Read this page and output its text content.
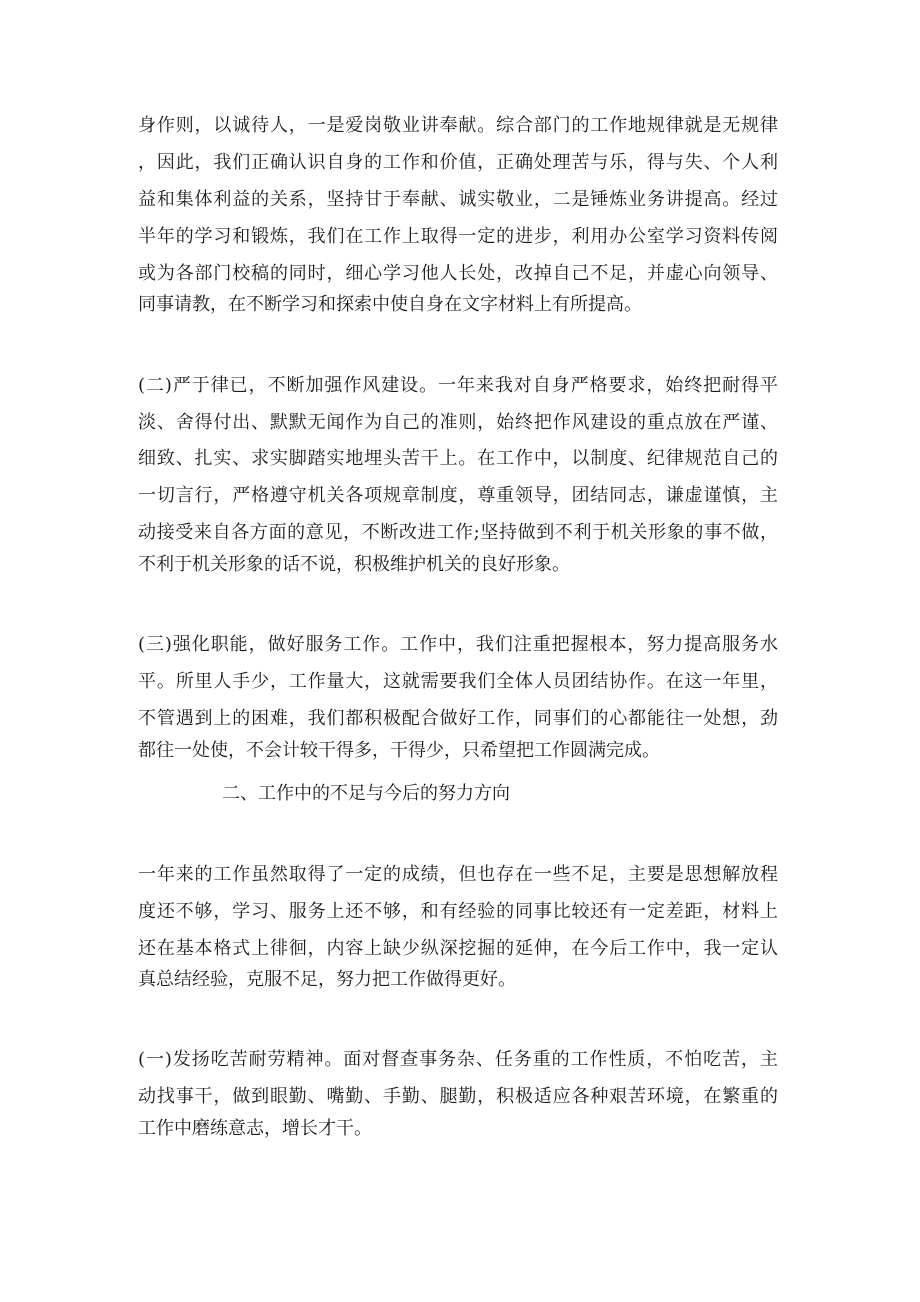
身作则，以诚待人，一是爱岗敬业讲奉献。综合部门的工作地规律就是无规律
，因此，我们正确认识自身的工作和价值，正确处理苦与乐，得与失、个人利
益和集体利益的关系，坚持甘于奉献、诚实敬业，二是锤炼业务讲提高。经过
半年的学习和锻炼，我们在工作上取得一定的进步，利用办公室学习资料传阅
或为各部门校稿的同时，细心学习他人长处，改掉自己不足，并虚心向领导、
同事请教，在不断学习和探索中使自身在文字材料上有所提高。
(二)严于律已，不断加强作风建设。一年来我对自身严格要求，始终把耐得平
淡、舍得付出、默默无闻作为自己的准则，始终把作风建设的重点放在严谨、
细致、扎实、求实脚踏实地埋头苦干上。在工作中，以制度、纪律规范自己的
一切言行，严格遵守机关各项规章制度，尊重领导，团结同志，谦虚谨慎，主
动接受来自各方面的意见，不断改进工作;坚持做到不利于机关形象的事不做，
不利于机关形象的话不说，积极维护机关的良好形象。
(三)强化职能，做好服务工作。工作中，我们注重把握根本，努力提高服务水
平。所里人手少，工作量大，这就需要我们全体人员团结协作。在这一年里，
不管遇到上的困难，我们都积极配合做好工作，同事们的心都能往一处想，劲
都往一处使，不会计较干得多，干得少，只希望把工作圆满完成。
二、工作中的不足与今后的努力方向
一年来的工作虽然取得了一定的成绩，但也存在一些不足，主要是思想解放程
度还不够，学习、服务上还不够，和有经验的同事比较还有一定差距，材料上
还在基本格式上徘徊，内容上缺少纵深挖掘的延伸，在今后工作中，我一定认
真总结经验，克服不足，努力把工作做得更好。
(一)发扬吃苦耐劳精神。面对督查事务杂、任务重的工作性质，不怕吃苦，主
动找事干，做到眼勤、嘴勤、手勤、腿勤，积极适应各种艰苦环境，在繁重的
工作中磨练意志，增长才干。
